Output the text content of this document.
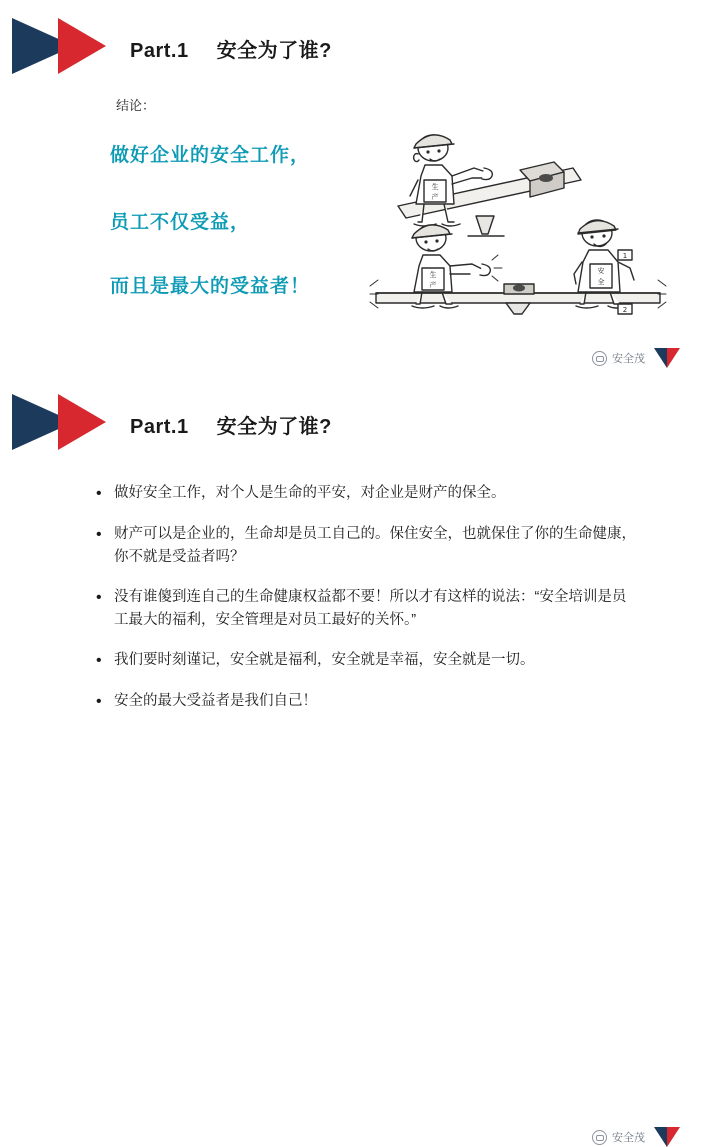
Part.1 安全为了谁?
结论：
做好企业的安全工作，
员工不仅受益，
而且是最大的受益者！
生
产
1
生
产
安
全
2
安全茂
Part.1 安全为了谁?
• 做好安全工作，对个人是生命的平安，对企业是财产的保全。
• 财产可以是企业的，生命却是员工自己的。保住安全，也就保住了你的生命健康，你不就是受益者吗？
• 没有谁傻到连自己的生命健康权益都不要！所以才有这样的说法：“安全培训是员工最大的福利，安全管理是对员工最好的关怀。”
• 我们要时刻谨记，安全就是福利，安全就是幸福，安全就是一切。
• 安全的最大受益者是我们自己！
安全茂
